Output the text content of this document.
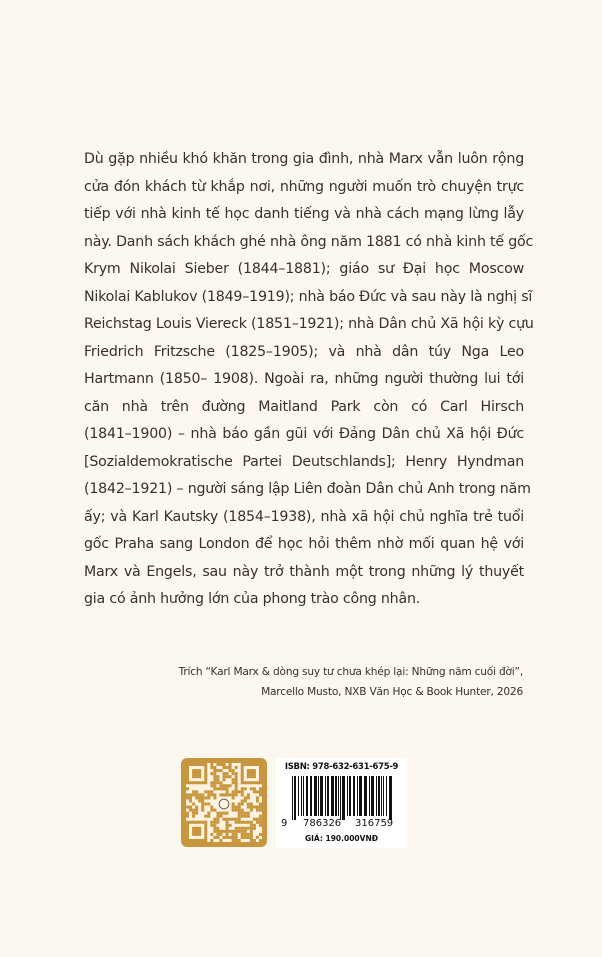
Dù gặp nhiều khó khăn trong gia đình, nhà Marx vẫn luôn rộng
cửa đón khách từ khắp nơi, những người muốn trò chuyện trực
tiếp với nhà kinh tế học danh tiếng và nhà cách mạng lừng lẫy
này. Danh sách khách ghé nhà ông năm 1881 có nhà kinh tế gốc
Krym Nikolai Sieber (1844–1881); giáo sư Đại học Moscow
Nikolai Kablukov (1849–1919); nhà báo Đức và sau này là nghị sĩ
Reichstag Louis Viereck (1851–1921); nhà Dân chủ Xã hội kỳ cựu
Friedrich Fritzsche (1825–1905); và nhà dân túy Nga Leo
Hartmann (1850– 1908). Ngoài ra, những người thường lui tới
căn nhà trên đường Maitland Park còn có Carl Hirsch
(1841–1900) – nhà báo gần gũi với Đảng Dân chủ Xã hội Đức
[Sozialdemokratische Partei Deutschlands]; Henry Hyndman
(1842–1921) – người sáng lập Liên đoàn Dân chủ Anh trong năm
ấy; và Karl Kautsky (1854–1938), nhà xã hội chủ nghĩa trẻ tuổi
gốc Praha sang London để học hỏi thêm nhờ mối quan hệ với
Marx và Engels, sau này trở thành một trong những lý thuyết
gia có ảnh hưởng lớn của phong trào công nhân.
Trích “Karl Marx & dòng suy tư chưa khép lại: Những năm cuối đời”,
Marcello Musto, NXB Văn Học & Book Hunter, 2026
ISBN: 978-632-631-675-9
9 786326 316759
GIÁ: 190.000VNĐ
